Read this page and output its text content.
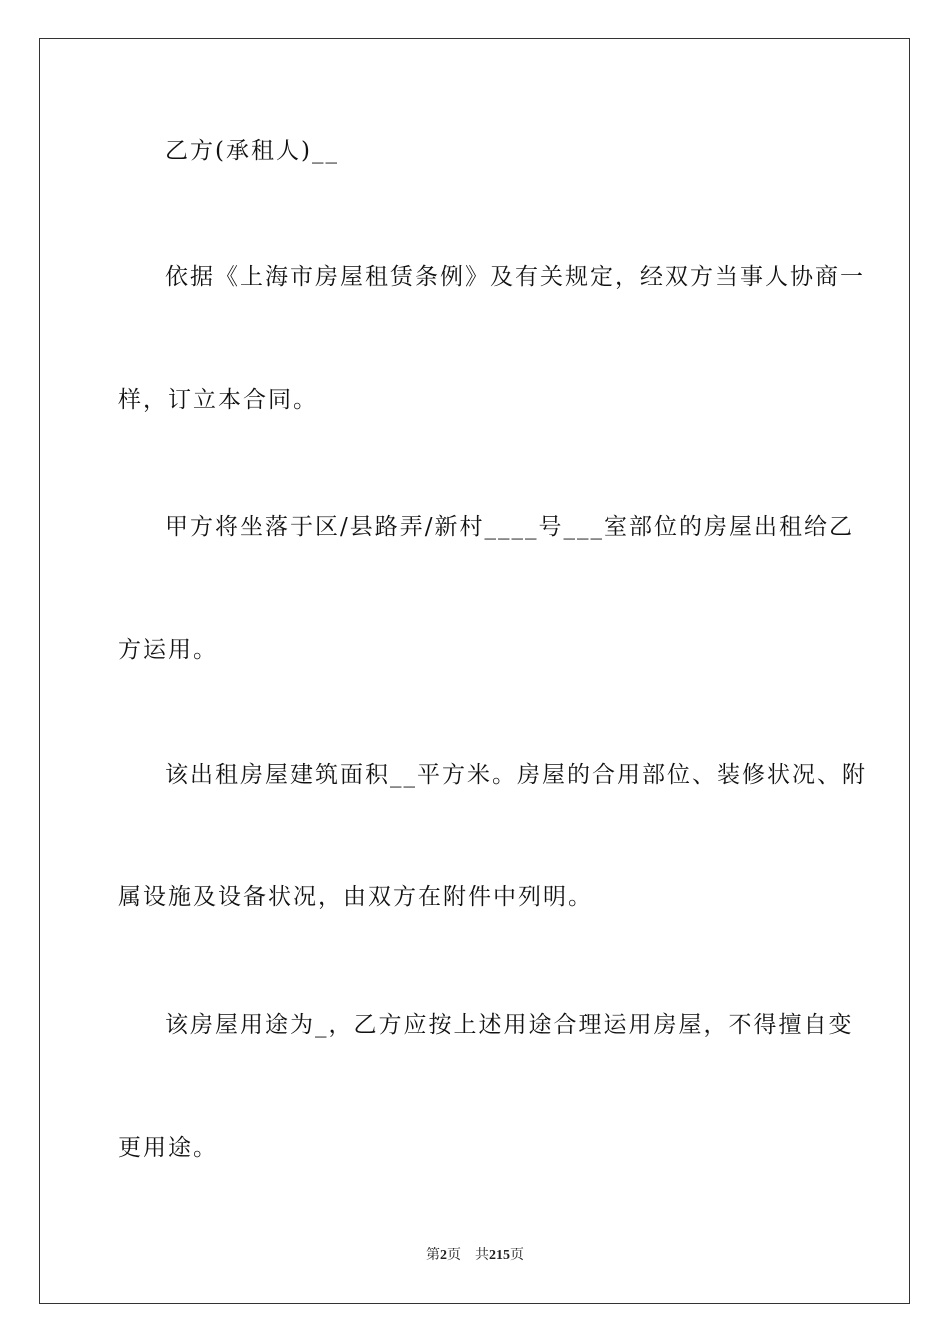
乙方(承租人)__
依据《上海市房屋租赁条例》及有关规定，经双方当事人协商一
样，订立本合同。
甲方将坐落于区/县路弄/新村____号___室部位的房屋出租给乙
方运用。
该出租房屋建筑面积__平方米。房屋的合用部位、装修状况、附
属设施及设备状况，由双方在附件中列明。
该房屋用途为_，乙方应按上述用途合理运用房屋，不得擅自变
更用途。
第2页 共215页
